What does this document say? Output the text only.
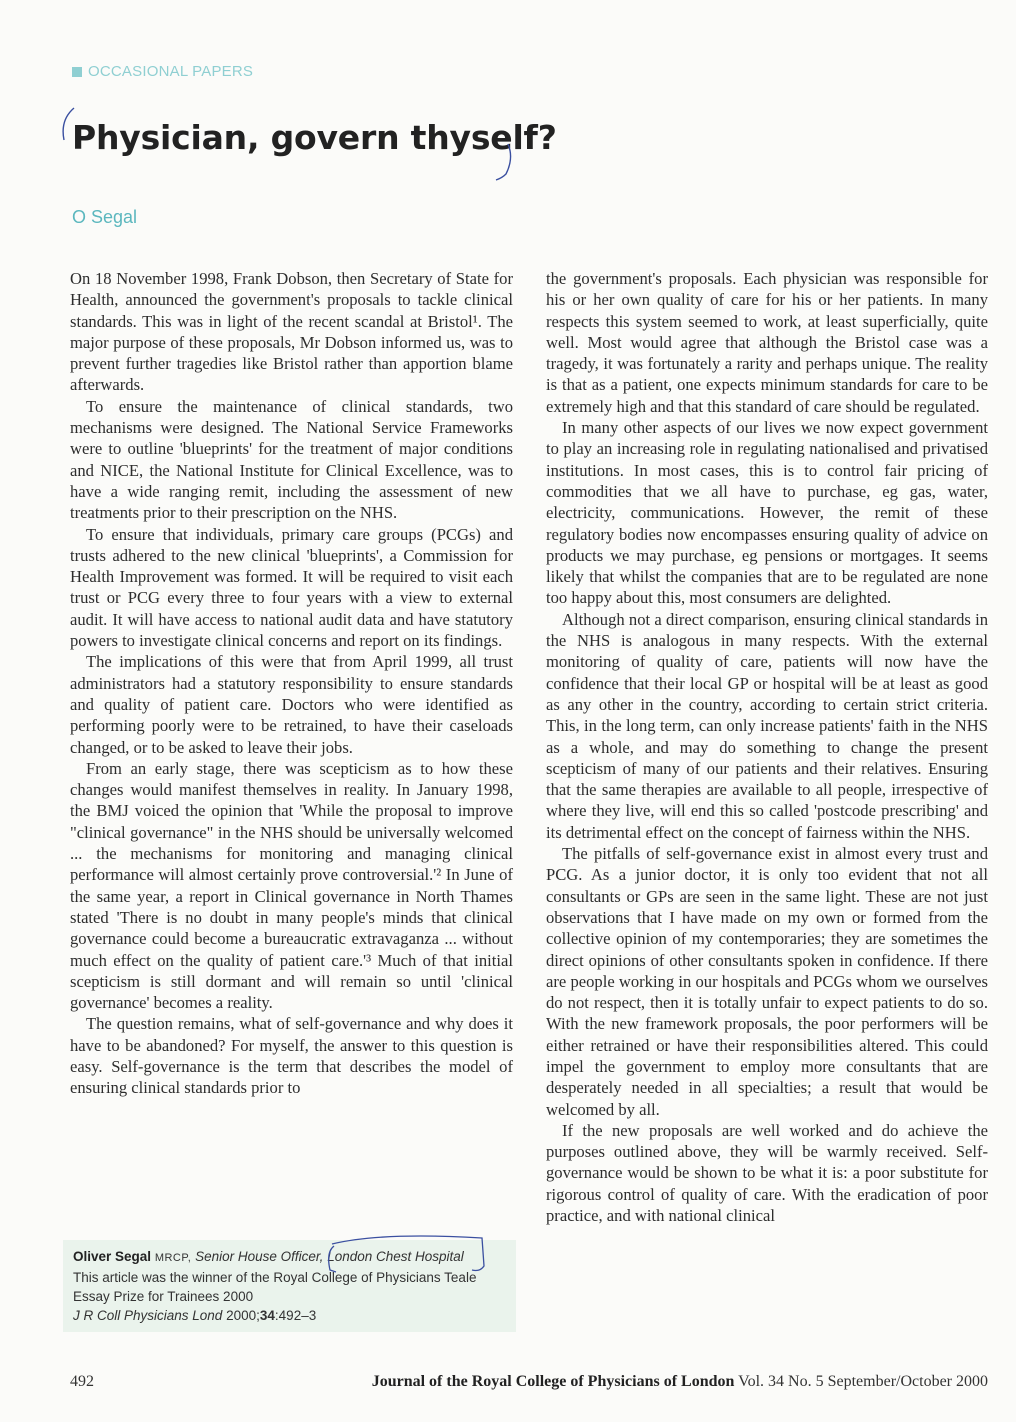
OCCASIONAL PAPERS
Physician, govern thyself?
O Segal

On 18 November 1998, Frank Dobson, then Secretary of State for Health, announced the government's proposals to tackle clinical standards. This was in light of the recent scandal at Bristol¹. The major purpose of these proposals, Mr Dobson informed us, was to prevent further tragedies like Bristol rather than apportion blame afterwards.

To ensure the maintenance of clinical standards, two mechanisms were designed. The National Service Frameworks were to outline 'blueprints' for the treatment of major conditions and NICE, the National Institute for Clinical Excellence, was to have a wide ranging remit, including the assessment of new treatments prior to their prescription on the NHS.

To ensure that individuals, primary care groups (PCGs) and trusts adhered to the new clinical 'blueprints', a Commission for Health Improvement was formed. It will be required to visit each trust or PCG every three to four years with a view to external audit. It will have access to national audit data and have statutory powers to investigate clinical concerns and report on its findings.

The implications of this were that from April 1999, all trust administrators had a statutory responsibility to ensure standards and quality of patient care. Doctors who were identified as performing poorly were to be retrained, to have their caseloads changed, or to be asked to leave their jobs.

From an early stage, there was scepticism as to how these changes would manifest themselves in reality. In January 1998, the BMJ voiced the opinion that 'While the proposal to improve "clinical governance" in the NHS should be universally welcomed ... the mechanisms for monitoring and managing clinical performance will almost certainly prove controversial.'² In June of the same year, a report in Clinical governance in North Thames stated 'There is no doubt in many people's minds that clinical governance could become a bureaucratic extravaganza ... without much effect on the quality of patient care.'³ Much of that initial scepticism is still dormant and will remain so until 'clinical governance' becomes a reality.

The question remains, what of self-governance and why does it have to be abandoned? For myself, the answer to this question is easy. Self-governance is the term that describes the model of ensuring clinical standards prior to

the government's proposals. Each physician was responsible for his or her own quality of care for his or her patients. In many respects this system seemed to work, at least superficially, quite well. Most would agree that although the Bristol case was a tragedy, it was fortunately a rarity and perhaps unique. The reality is that as a patient, one expects minimum standards for care to be extremely high and that this standard of care should be regulated.

In many other aspects of our lives we now expect government to play an increasing role in regulating nationalised and privatised institutions. In most cases, this is to control fair pricing of commodities that we all have to purchase, eg gas, water, electricity, communications. However, the remit of these regulatory bodies now encompasses ensuring quality of advice on products we may purchase, eg pensions or mortgages. It seems likely that whilst the companies that are to be regulated are none too happy about this, most consumers are delighted.

Although not a direct comparison, ensuring clinical standards in the NHS is analogous in many respects. With the external monitoring of quality of care, patients will now have the confidence that their local GP or hospital will be at least as good as any other in the country, according to certain strict criteria. This, in the long term, can only increase patients' faith in the NHS as a whole, and may do something to change the present scepticism of many of our patients and their relatives. Ensuring that the same therapies are available to all people, irrespective of where they live, will end this so called 'postcode prescribing' and its detrimental effect on the concept of fairness within the NHS.

The pitfalls of self-governance exist in almost every trust and PCG. As a junior doctor, it is only too evident that not all consultants or GPs are seen in the same light. These are not just observations that I have made on my own or formed from the collective opinion of my contemporaries; they are sometimes the direct opinions of other consultants spoken in confidence. If there are people working in our hospitals and PCGs whom we ourselves do not respect, then it is totally unfair to expect patients to do so. With the new framework proposals, the poor performers will be either retrained or have their responsibilities altered. This could impel the government to employ more consultants that are desperately needed in all specialties; a result that would be welcomed by all.

If the new proposals are well worked and do achieve the purposes outlined above, they will be warmly received. Self-governance would be shown to be what it is: a poor substitute for rigorous control of quality of care. With the eradication of poor practice, and with national clinical

Oliver Segal MRCP, Senior House Officer, London Chest Hospital
This article was the winner of the Royal College of Physicians Teale Essay Prize for Trainees 2000
J R Coll Physicians Lond 2000;34:492–3
492	Journal of the Royal College of Physicians of London Vol. 34 No. 5 September/October 2000
